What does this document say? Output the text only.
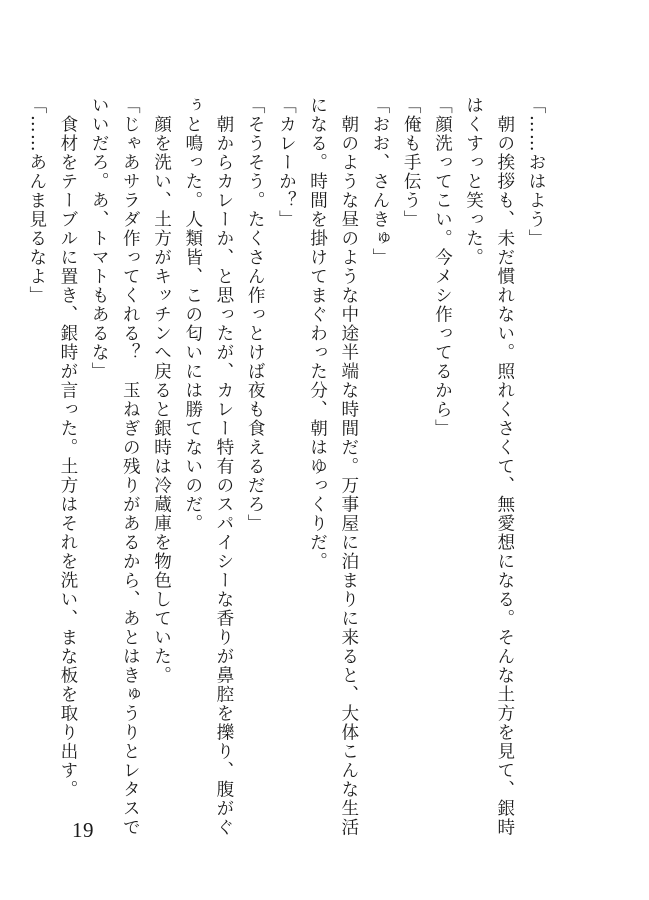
「……おはよう」
　朝の挨拶も、未だ慣れない。照れくさくて、無愛想になる。そんな土方を見て、銀時
はくすっと笑った。
「顔洗ってこい。今メシ作ってるから」
「俺も手伝う」
「おお、さんきゅ」
　朝のような昼のような中途半端な時間だ。万事屋に泊まりに来ると、大体こんな生活
になる。時間を掛けてまぐわった分、朝はゆっくりだ。
「カレーか？」
「そうそう。たくさん作っとけば夜も食えるだろ」
　朝からカレーか、と思ったが、カレー特有のスパイシーな香りが鼻腔を擽り、腹がぐ
ぅと鳴った。人類皆、この匂いには勝てないのだ。
　顔を洗い、土方がキッチンへ戻ると銀時は冷蔵庫を物色していた。
「じゃあサラダ作ってくれる？　玉ねぎの残りがあるから、あとはきゅうりとレタスで
いいだろ。あ、トマトもあるな」
　食材をテーブルに置き、銀時が言った。土方はそれを洗い、まな板を取り出す。
「……あんま見るなよ」
19
